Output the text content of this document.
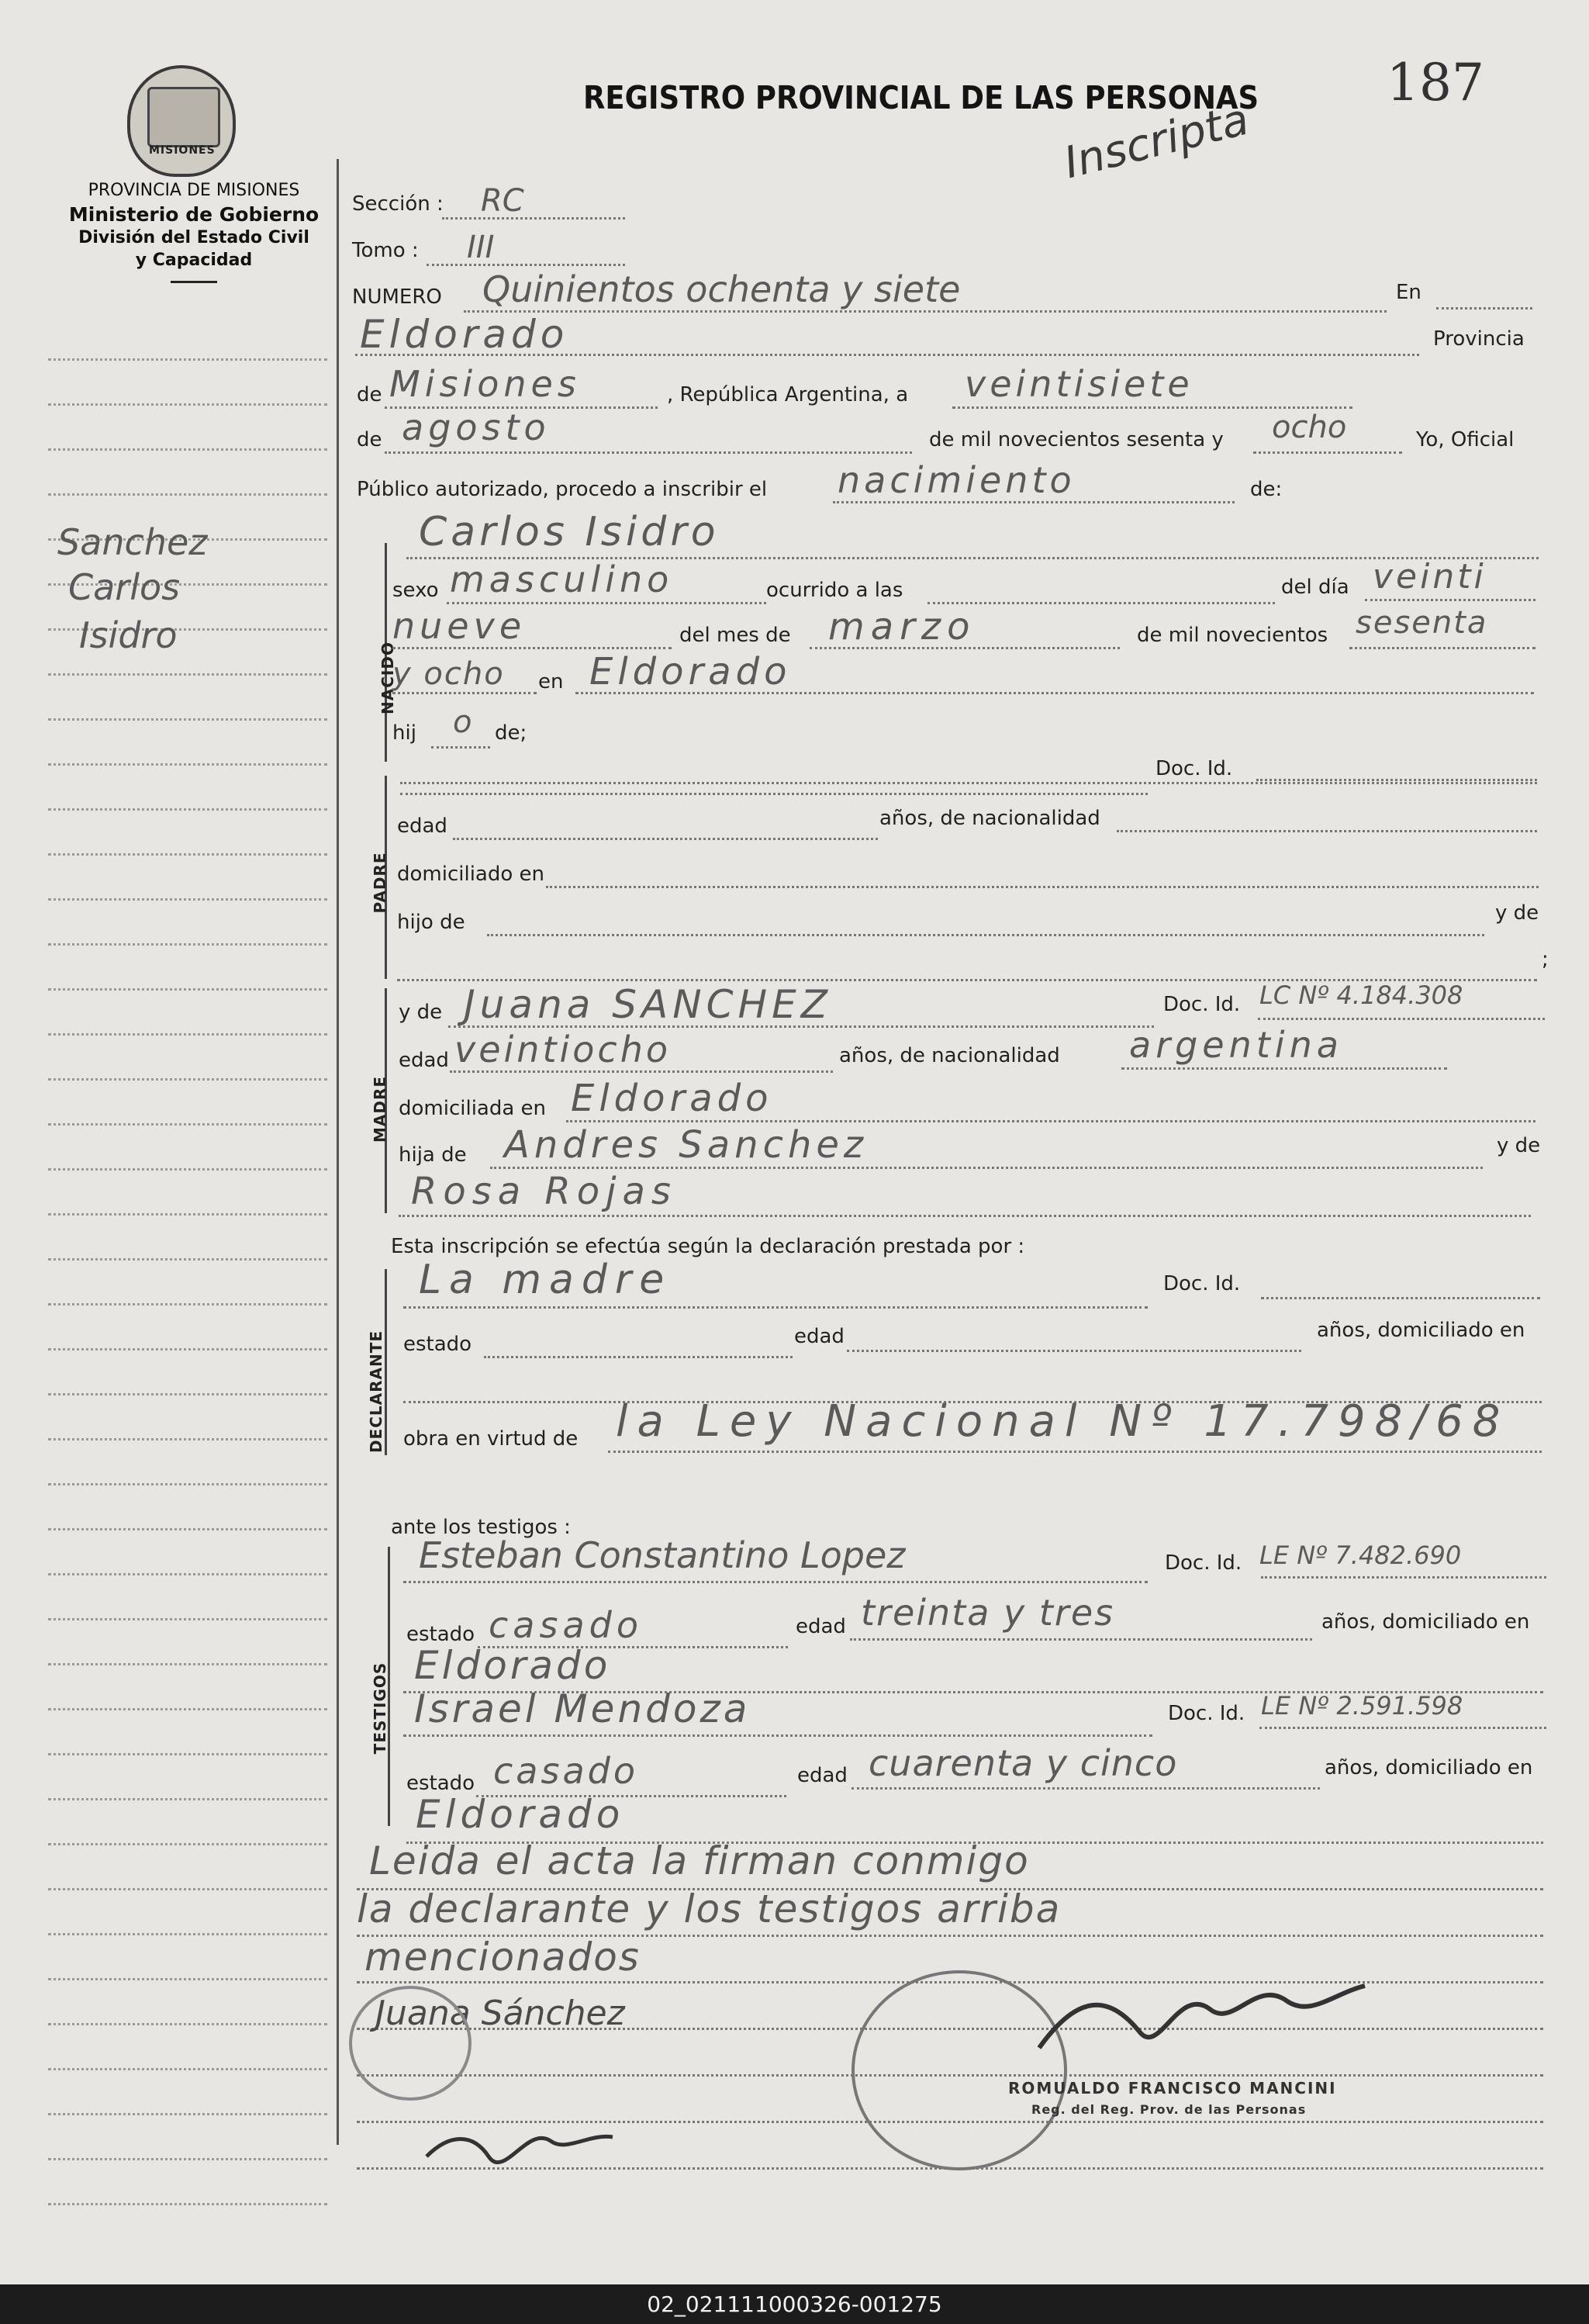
MISIONES
PROVINCIA DE MISIONES
Ministerio de Gobierno
División del Estado Civil
y Capacidad
REGISTRO PROVINCIAL DE LAS PERSONAS 187
Inscripta
Sanchez
Carlos
Isidro
Sección : RC
Tomo : III
NUMERO Quinientos ochenta y siete	En
Eldorado	Provincia
de Misiones	, República Argentina, a veintisiete
de agosto	de mil novecientos sesenta y ocho	Yo, Oficial
Público autorizado, procedo a inscribir el nacimiento	de:
NACIDO
Carlos Isidro
sexo masculino	ocurrido a las	del día veinti
nueve	del mes de marzo	de mil novecientos sesenta
y ocho en Eldorado
hij o de;
PADRE
Doc. Id.
edad	años, de nacionalidad
domiciliado en
hijo de	y de
;
MADRE
y de Juana SANCHEZ	Doc. Id. LC Nº 4.184.308
edad veintiocho	años, de nacionalidad argentina
domiciliada en Eldorado
hija de Andres Sanchez	y de
Rosa Rojas
Esta inscripción se efectúa según la declaración prestada por :
DECLARANTE
La madre	Doc. Id.
estado	edad	años, domiciliado en
obra en virtud de la Ley Nacional Nº 17.798/68
ante los testigos :
TESTIGOS
Esteban Constantino Lopez	Doc. Id. LE Nº 7.482.690
estado casado	edad treinta y tres	años, domiciliado en
Eldorado
Israel Mendoza	Doc. Id. LE Nº 2.591.598
estado casado	edad cuarenta y cinco	años, domiciliado en
Eldorado
Leida el acta la firman conmigo
la declarante y los testigos arriba
mencionados
Juana Sánchez
ROMUALDO FRANCISCO MANCINI
Reg. del Reg. Prov. de las Personas
02_021111000326-001275
